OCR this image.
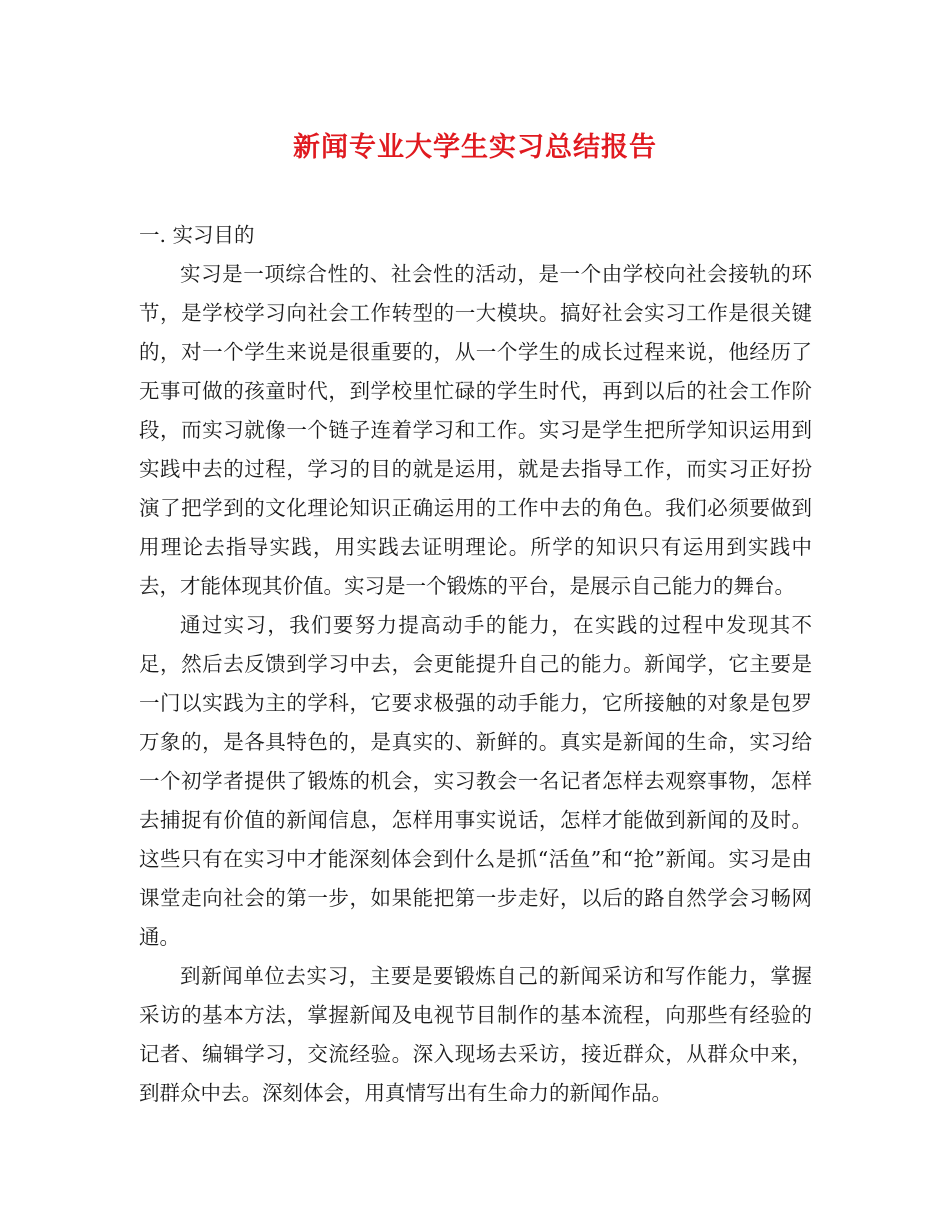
新闻专业大学生实习总结报告

一. 实习目的

实习是一项综合性的、社会性的活动，是一个由学校向社会接轨的环节，是学校学习向社会工作转型的一大模块。搞好社会实习工作是很关键的，对一个学生来说是很重要的，从一个学生的成长过程来说，他经历了无事可做的孩童时代，到学校里忙碌的学生时代，再到以后的社会工作阶段，而实习就像一个链子连着学习和工作。实习是学生把所学知识运用到实践中去的过程，学习的目的就是运用，就是去指导工作，而实习正好扮演了把学到的文化理论知识正确运用的工作中去的角色。我们必须要做到用理论去指导实践，用实践去证明理论。所学的知识只有运用到实践中去，才能体现其价值。实习是一个锻炼的平台，是展示自己能力的舞台。

通过实习，我们要努力提高动手的能力，在实践的过程中发现其不足，然后去反馈到学习中去，会更能提升自己的能力。新闻学，它主要是一门以实践为主的学科，它要求极强的动手能力，它所接触的对象是包罗万象的，是各具特色的，是真实的、新鲜的。真实是新闻的生命，实习给一个初学者提供了锻炼的机会，实习教会一名记者怎样去观察事物，怎样去捕捉有价值的新闻信息，怎样用事实说话，怎样才能做到新闻的及时。这些只有在实习中才能深刻体会到什么是抓“活鱼”和“抢”新闻。实习是由课堂走向社会的第一步，如果能把第一步走好，以后的路自然学会习畅网通。

到新闻单位去实习，主要是要锻炼自己的新闻采访和写作能力，掌握采访的基本方法，掌握新闻及电视节目制作的基本流程，向那些有经验的记者、编辑学习，交流经验。深入现场去采访，接近群众，从群众中来，到群众中去。深刻体会，用真情写出有生命力的新闻作品。
